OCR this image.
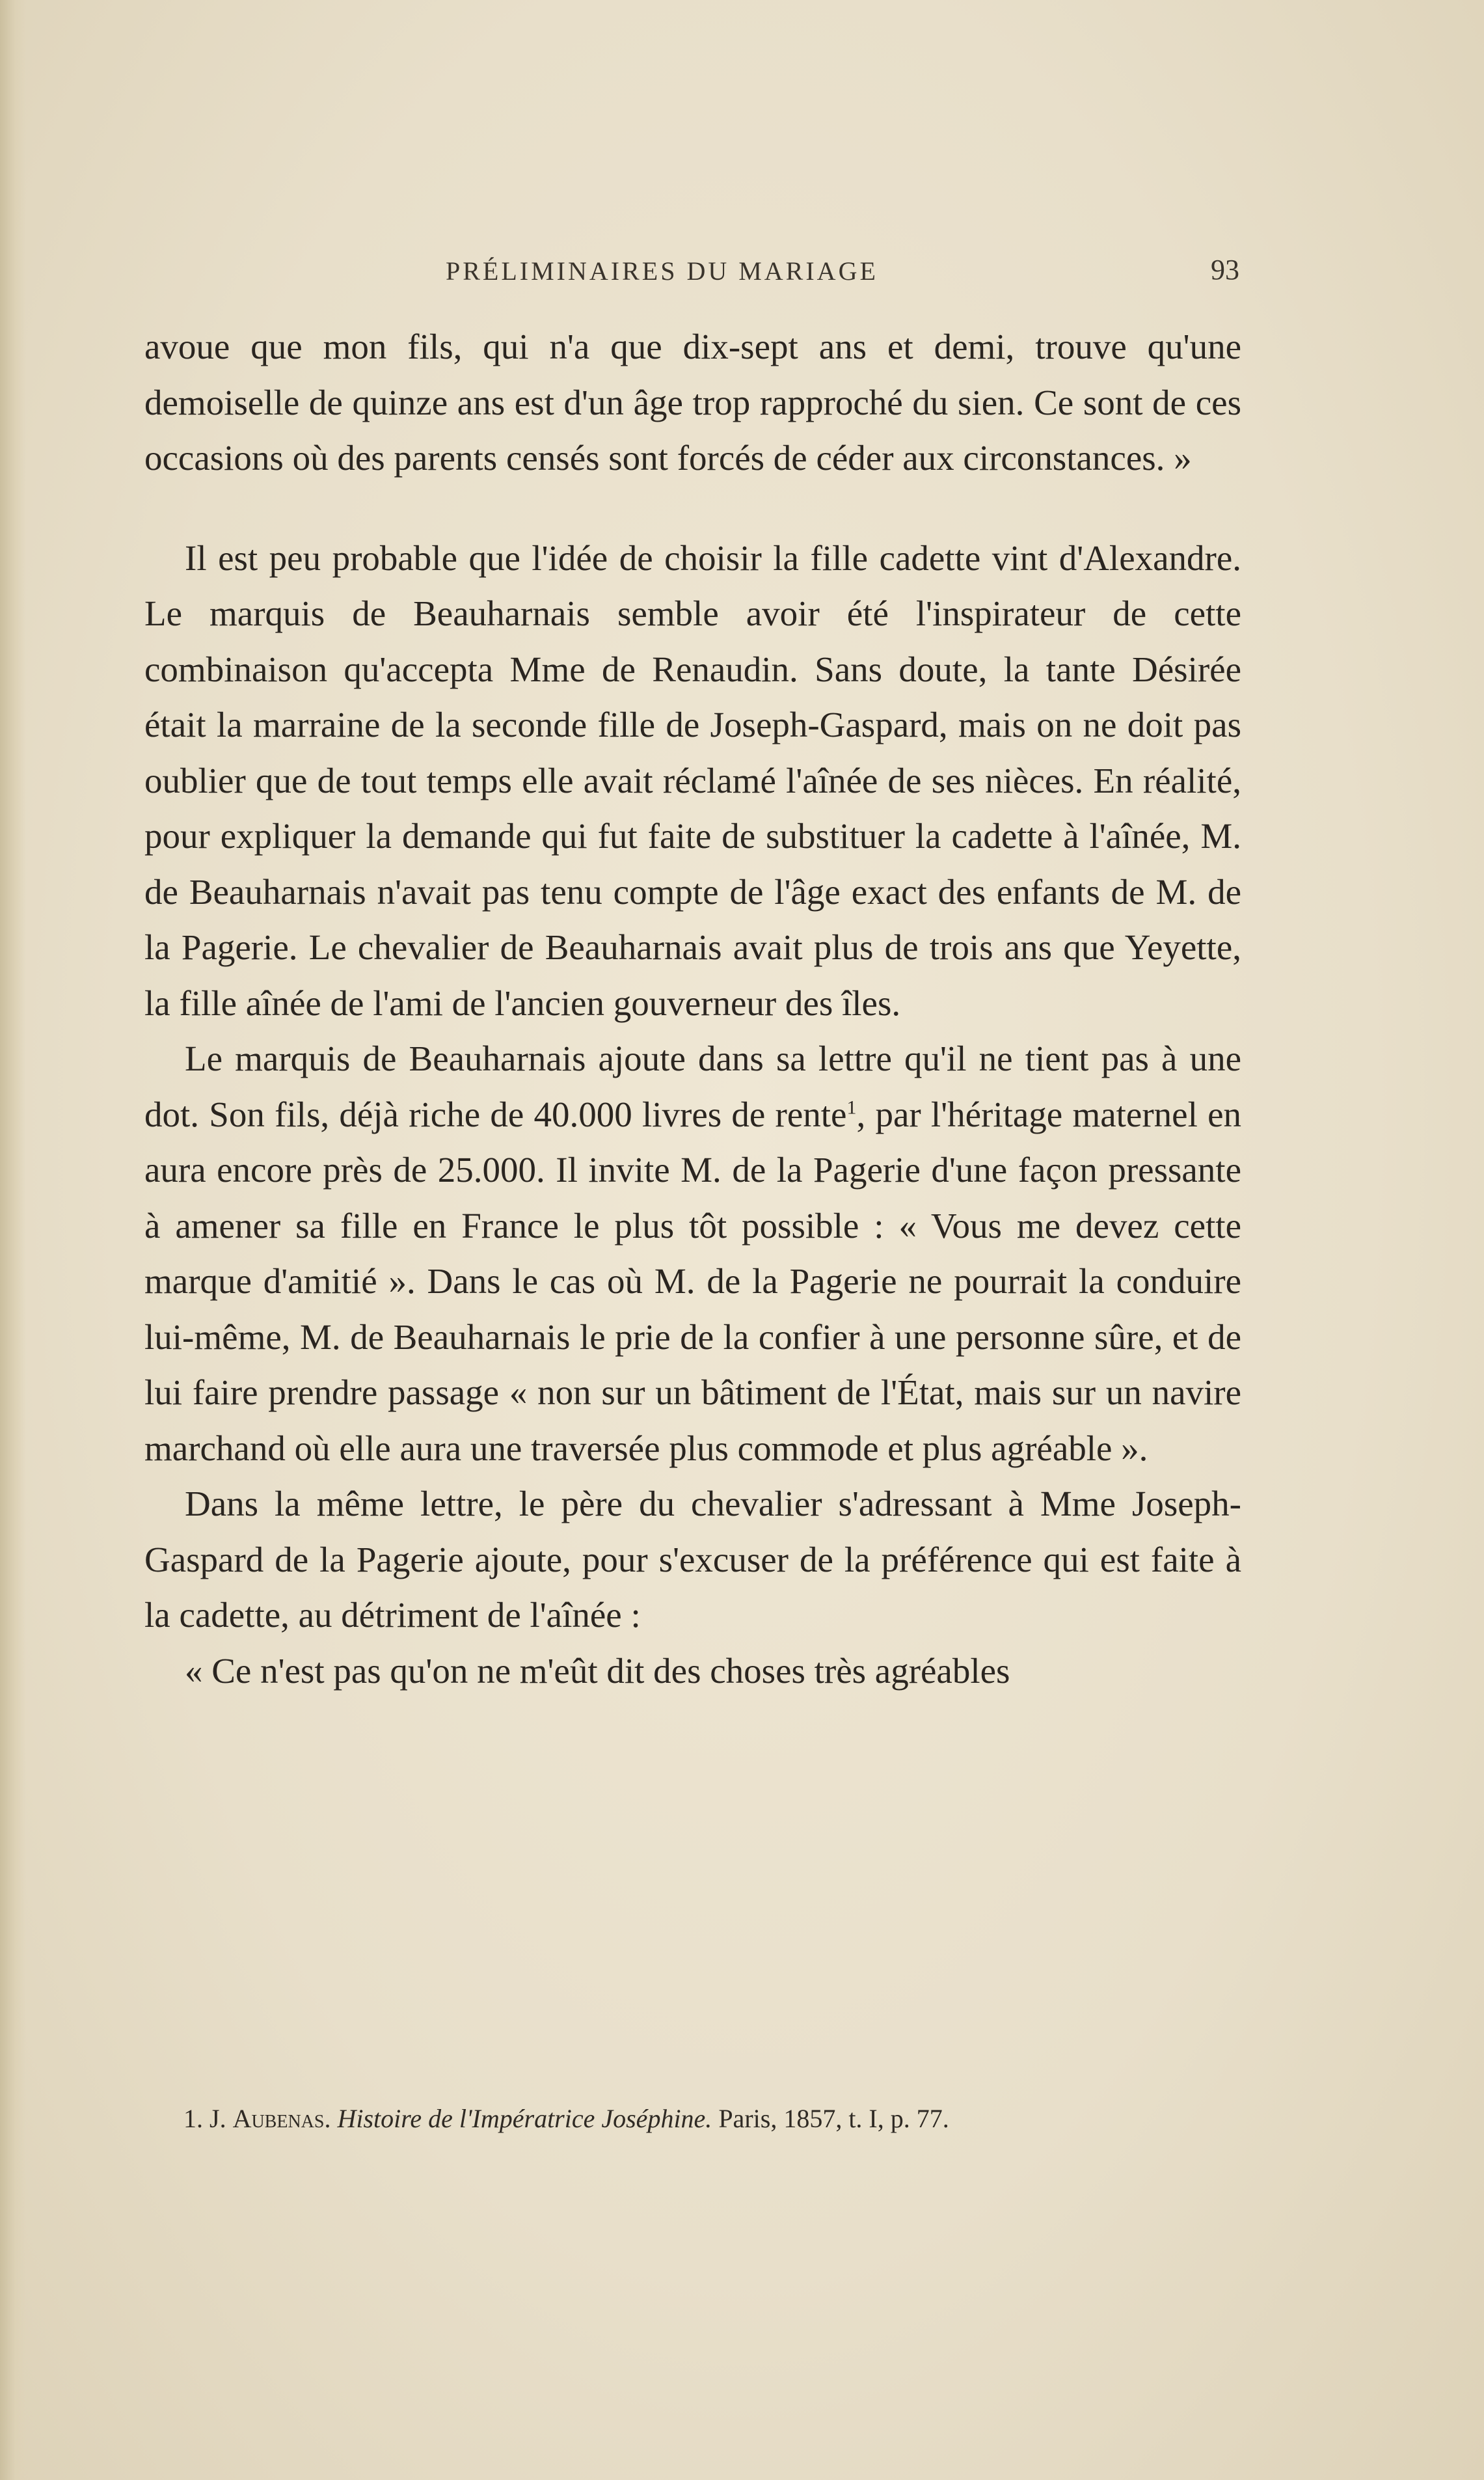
PRÉLIMINAIRES DU MARIAGE	93

avoue que mon fils, qui n'a que dix-sept ans et demi, trouve qu'une demoiselle de quinze ans est d'un âge trop rapproché du sien. Ce sont de ces occasions où des parents censés sont forcés de céder aux circonstances. »

Il est peu probable que l'idée de choisir la fille cadette vint d'Alexandre. Le marquis de Beauharnais semble avoir été l'inspirateur de cette combinaison qu'accepta Mme de Renaudin. Sans doute, la tante Désirée était la marraine de la seconde fille de Joseph-Gaspard, mais on ne doit pas oublier que de tout temps elle avait réclamé l'aînée de ses nièces. En réalité, pour expliquer la demande qui fut faite de substituer la cadette à l'aînée, M. de Beauharnais n'avait pas tenu compte de l'âge exact des enfants de M. de la Pagerie. Le chevalier de Beauharnais avait plus de trois ans que Yeyette, la fille aînée de l'ami de l'ancien gouverneur des îles.

Le marquis de Beauharnais ajoute dans sa lettre qu'il ne tient pas à une dot. Son fils, déjà riche de 40.000 livres de rente$^1$, par l'héritage maternel en aura encore près de 25.000. Il invite M. de la Pagerie d'une façon pressante à amener sa fille en France le plus tôt possible : « Vous me devez cette marque d'amitié ». Dans le cas où M. de la Pagerie ne pourrait la conduire lui-même, M. de Beauharnais le prie de la confier à une personne sûre, et de lui faire prendre passage « non sur un bâtiment de l'État, mais sur un navire marchand où elle aura une traversée plus commode et plus agréable ».

Dans la même lettre, le père du chevalier s'adressant à Mme Joseph-Gaspard de la Pagerie ajoute, pour s'excuser de la préférence qui est faite à la cadette, au détriment de l'aînée :

« Ce n'est pas qu'on ne m'eût dit des choses très agréables

1. J. Aubenas. Histoire de l'Impératrice Joséphine. Paris, 1857, t. I, p. 77.
